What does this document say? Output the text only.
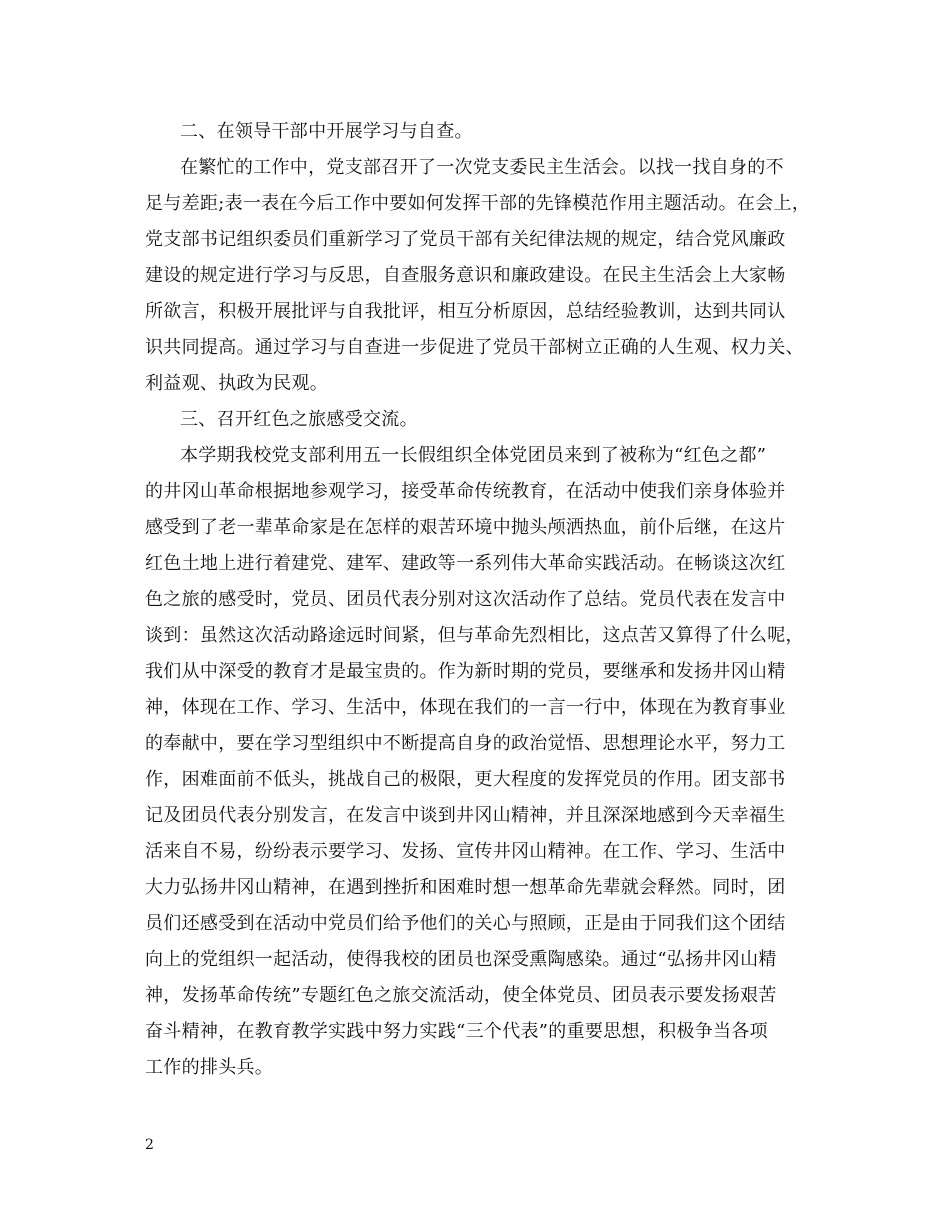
二、在领导干部中开展学习与自查。
在繁忙的工作中，党支部召开了一次党支委民主生活会。以找一找自身的不
足与差距;表一表在今后工作中要如何发挥干部的先锋模范作用主题活动。在会上，
党支部书记组织委员们重新学习了党员干部有关纪律法规的规定，结合党风廉政
建设的规定进行学习与反思，自查服务意识和廉政建设。在民主生活会上大家畅
所欲言，积极开展批评与自我批评，相互分析原因，总结经验教训，达到共同认
识共同提高。通过学习与自查进一步促进了党员干部树立正确的人生观、权力关、
利益观、执政为民观。
三、召开红色之旅感受交流。
本学期我校党支部利用五一长假组织全体党团员来到了被称为“红色之都”
的井冈山革命根据地参观学习，接受革命传统教育，在活动中使我们亲身体验并
感受到了老一辈革命家是在怎样的艰苦环境中抛头颅洒热血，前仆后继，在这片
红色土地上进行着建党、建军、建政等一系列伟大革命实践活动。在畅谈这次红
色之旅的感受时，党员、团员代表分别对这次活动作了总结。党员代表在发言中
谈到：虽然这次活动路途远时间紧，但与革命先烈相比，这点苦又算得了什么呢，
我们从中深受的教育才是最宝贵的。作为新时期的党员，要继承和发扬井冈山精
神，体现在工作、学习、生活中，体现在我们的一言一行中，体现在为教育事业
的奉献中，要在学习型组织中不断提高自身的政治觉悟、思想理论水平，努力工
作，困难面前不低头，挑战自己的极限，更大程度的发挥党员的作用。团支部书
记及团员代表分别发言，在发言中谈到井冈山精神，并且深深地感到今天幸福生
活来自不易，纷纷表示要学习、发扬、宣传井冈山精神。在工作、学习、生活中
大力弘扬井冈山精神，在遇到挫折和困难时想一想革命先辈就会释然。同时，团
员们还感受到在活动中党员们给予他们的关心与照顾，正是由于同我们这个团结
向上的党组织一起活动，使得我校的团员也深受熏陶感染。通过“弘扬井冈山精
神，发扬革命传统”专题红色之旅交流活动，使全体党员、团员表示要发扬艰苦
奋斗精神，在教育教学实践中努力实践“三个代表”的重要思想，积极争当各项
工作的排头兵。
2
